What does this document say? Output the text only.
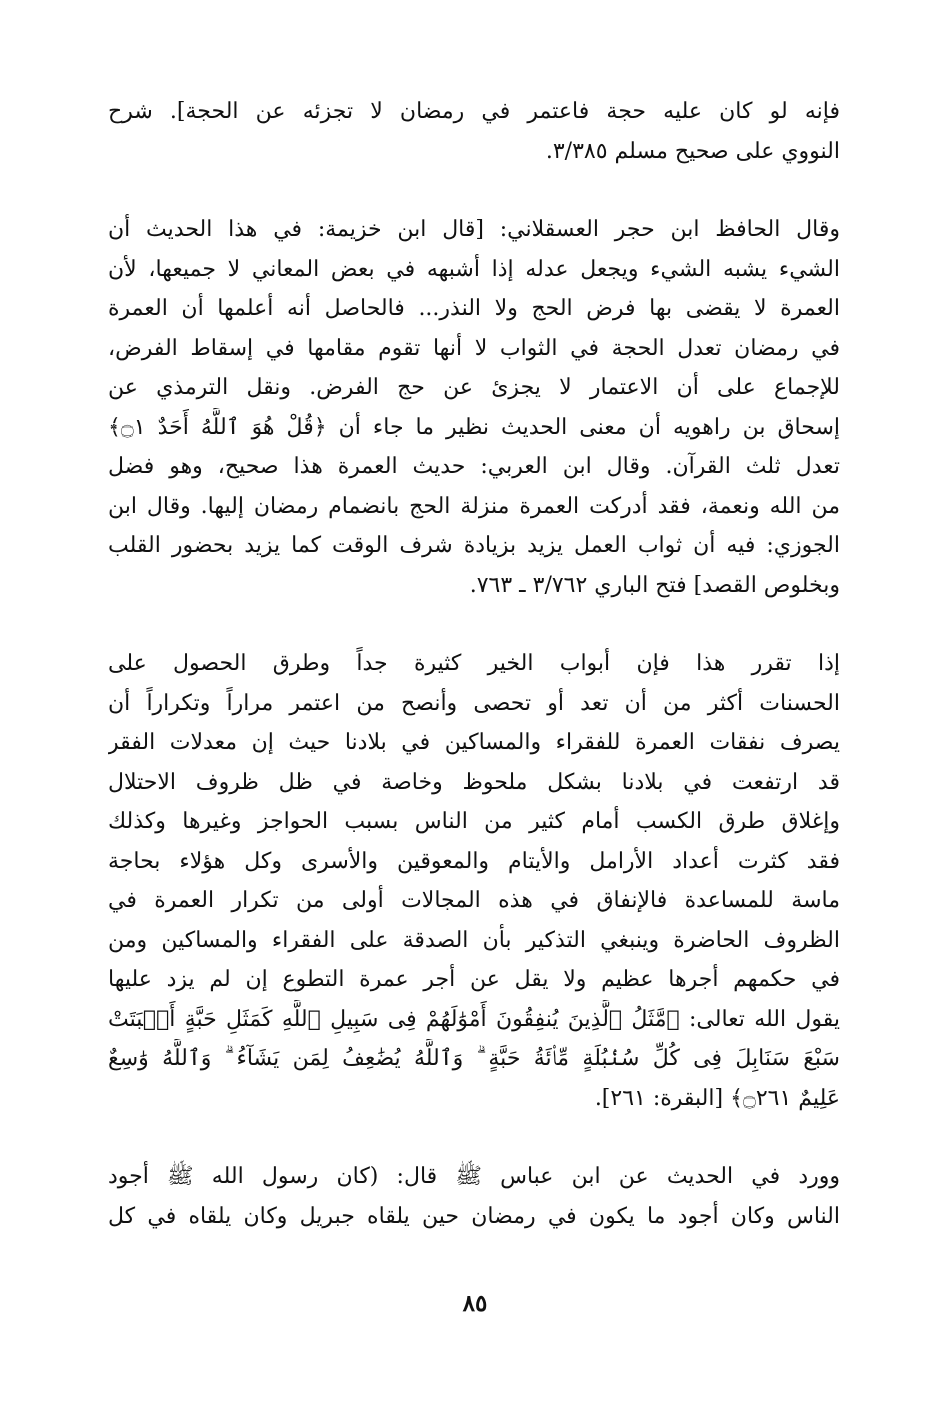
فإنه لو كان عليه حجة فاعتمر في رمضان لا تجزئه عن الحجة]. شرح
النووي على صحيح مسلم ٣/٣٨٥.

وقال الحافظ ابن حجر العسقلاني: [قال ابن خزيمة: في هذا الحديث أن
الشيء يشبه الشيء ويجعل عدله إذا أشبهه في بعض المعاني لا جميعها، لأن
العمرة لا يقضى بها فرض الحج ولا النذر... فالحاصل أنه أعلمها أن العمرة
في رمضان تعدل الحجة في الثواب لا أنها تقوم مقامها في إسقاط الفرض،
للإجماع على أن الاعتمار لا يجزئ عن حج الفرض. ونقل الترمذي عن
إسحاق بن راهويه أن معنى الحديث نظير ما جاء أن ﴿قُلْ هُوَ ٱللَّهُ أَحَدٌ ۝١﴾
تعدل ثلث القرآن. وقال ابن العربي: حديث العمرة هذا صحيح، وهو فضل
من الله ونعمة، فقد أدركت العمرة منزلة الحج بانضمام رمضان إليها. وقال ابن
الجوزي: فيه أن ثواب العمل يزيد بزيادة شرف الوقت كما يزيد بحضور القلب
وبخلوص القصد] فتح الباري ٣/٧٦٢ ـ ٧٦٣.

إذا تقرر هذا فإن أبواب الخير كثيرة جداً وطرق الحصول على
الحسنات أكثر من أن تعد أو تحصى وأنصح من اعتمر مراراً وتكراراً أن
يصرف نفقات العمرة للفقراء والمساكين في بلادنا حيث إن معدلات الفقر
قد ارتفعت في بلادنا بشكل ملحوظ وخاصة في ظل ظروف الاحتلال
وإغلاق طرق الكسب أمام كثير من الناس بسبب الحواجز وغيرها وكذلك
فقد كثرت أعداد الأرامل والأيتام والمعوقين والأسرى وكل هؤلاء بحاجة
ماسة للمساعدة فالإنفاق في هذه المجالات أولى من تكرار العمرة في
الظروف الحاضرة وينبغي التذكير بأن الصدقة على الفقراء والمساكين ومن
في حكمهم أجرها عظيم ولا يقل عن أجر عمرة التطوع إن لم يزد عليها
يقول الله تعالى: ﴿مَّثَلُ ٱلَّذِينَ يُنفِقُونَ أَمْوَٰلَهُمْ فِى سَبِيلِ ٱللَّهِ كَمَثَلِ حَبَّةٍ أَنۢبَتَتْ
سَبْعَ سَنَابِلَ فِى كُلِّ سُنۢبُلَةٍ مِّا۟ئَةُ حَبَّةٍ ۗ وَٱللَّهُ يُضَٰعِفُ لِمَن يَشَآءُ ۗ وَٱللَّهُ وَٰسِعٌ
عَلِيمٌ ۝٢٦١﴾ [البقرة: ٢٦١].

وورد في الحديث عن ابن عباس ﷺ قال: (كان رسول الله ﷺ أجود
الناس وكان أجود ما يكون في رمضان حين يلقاه جبريل وكان يلقاه في كل

٨٥
